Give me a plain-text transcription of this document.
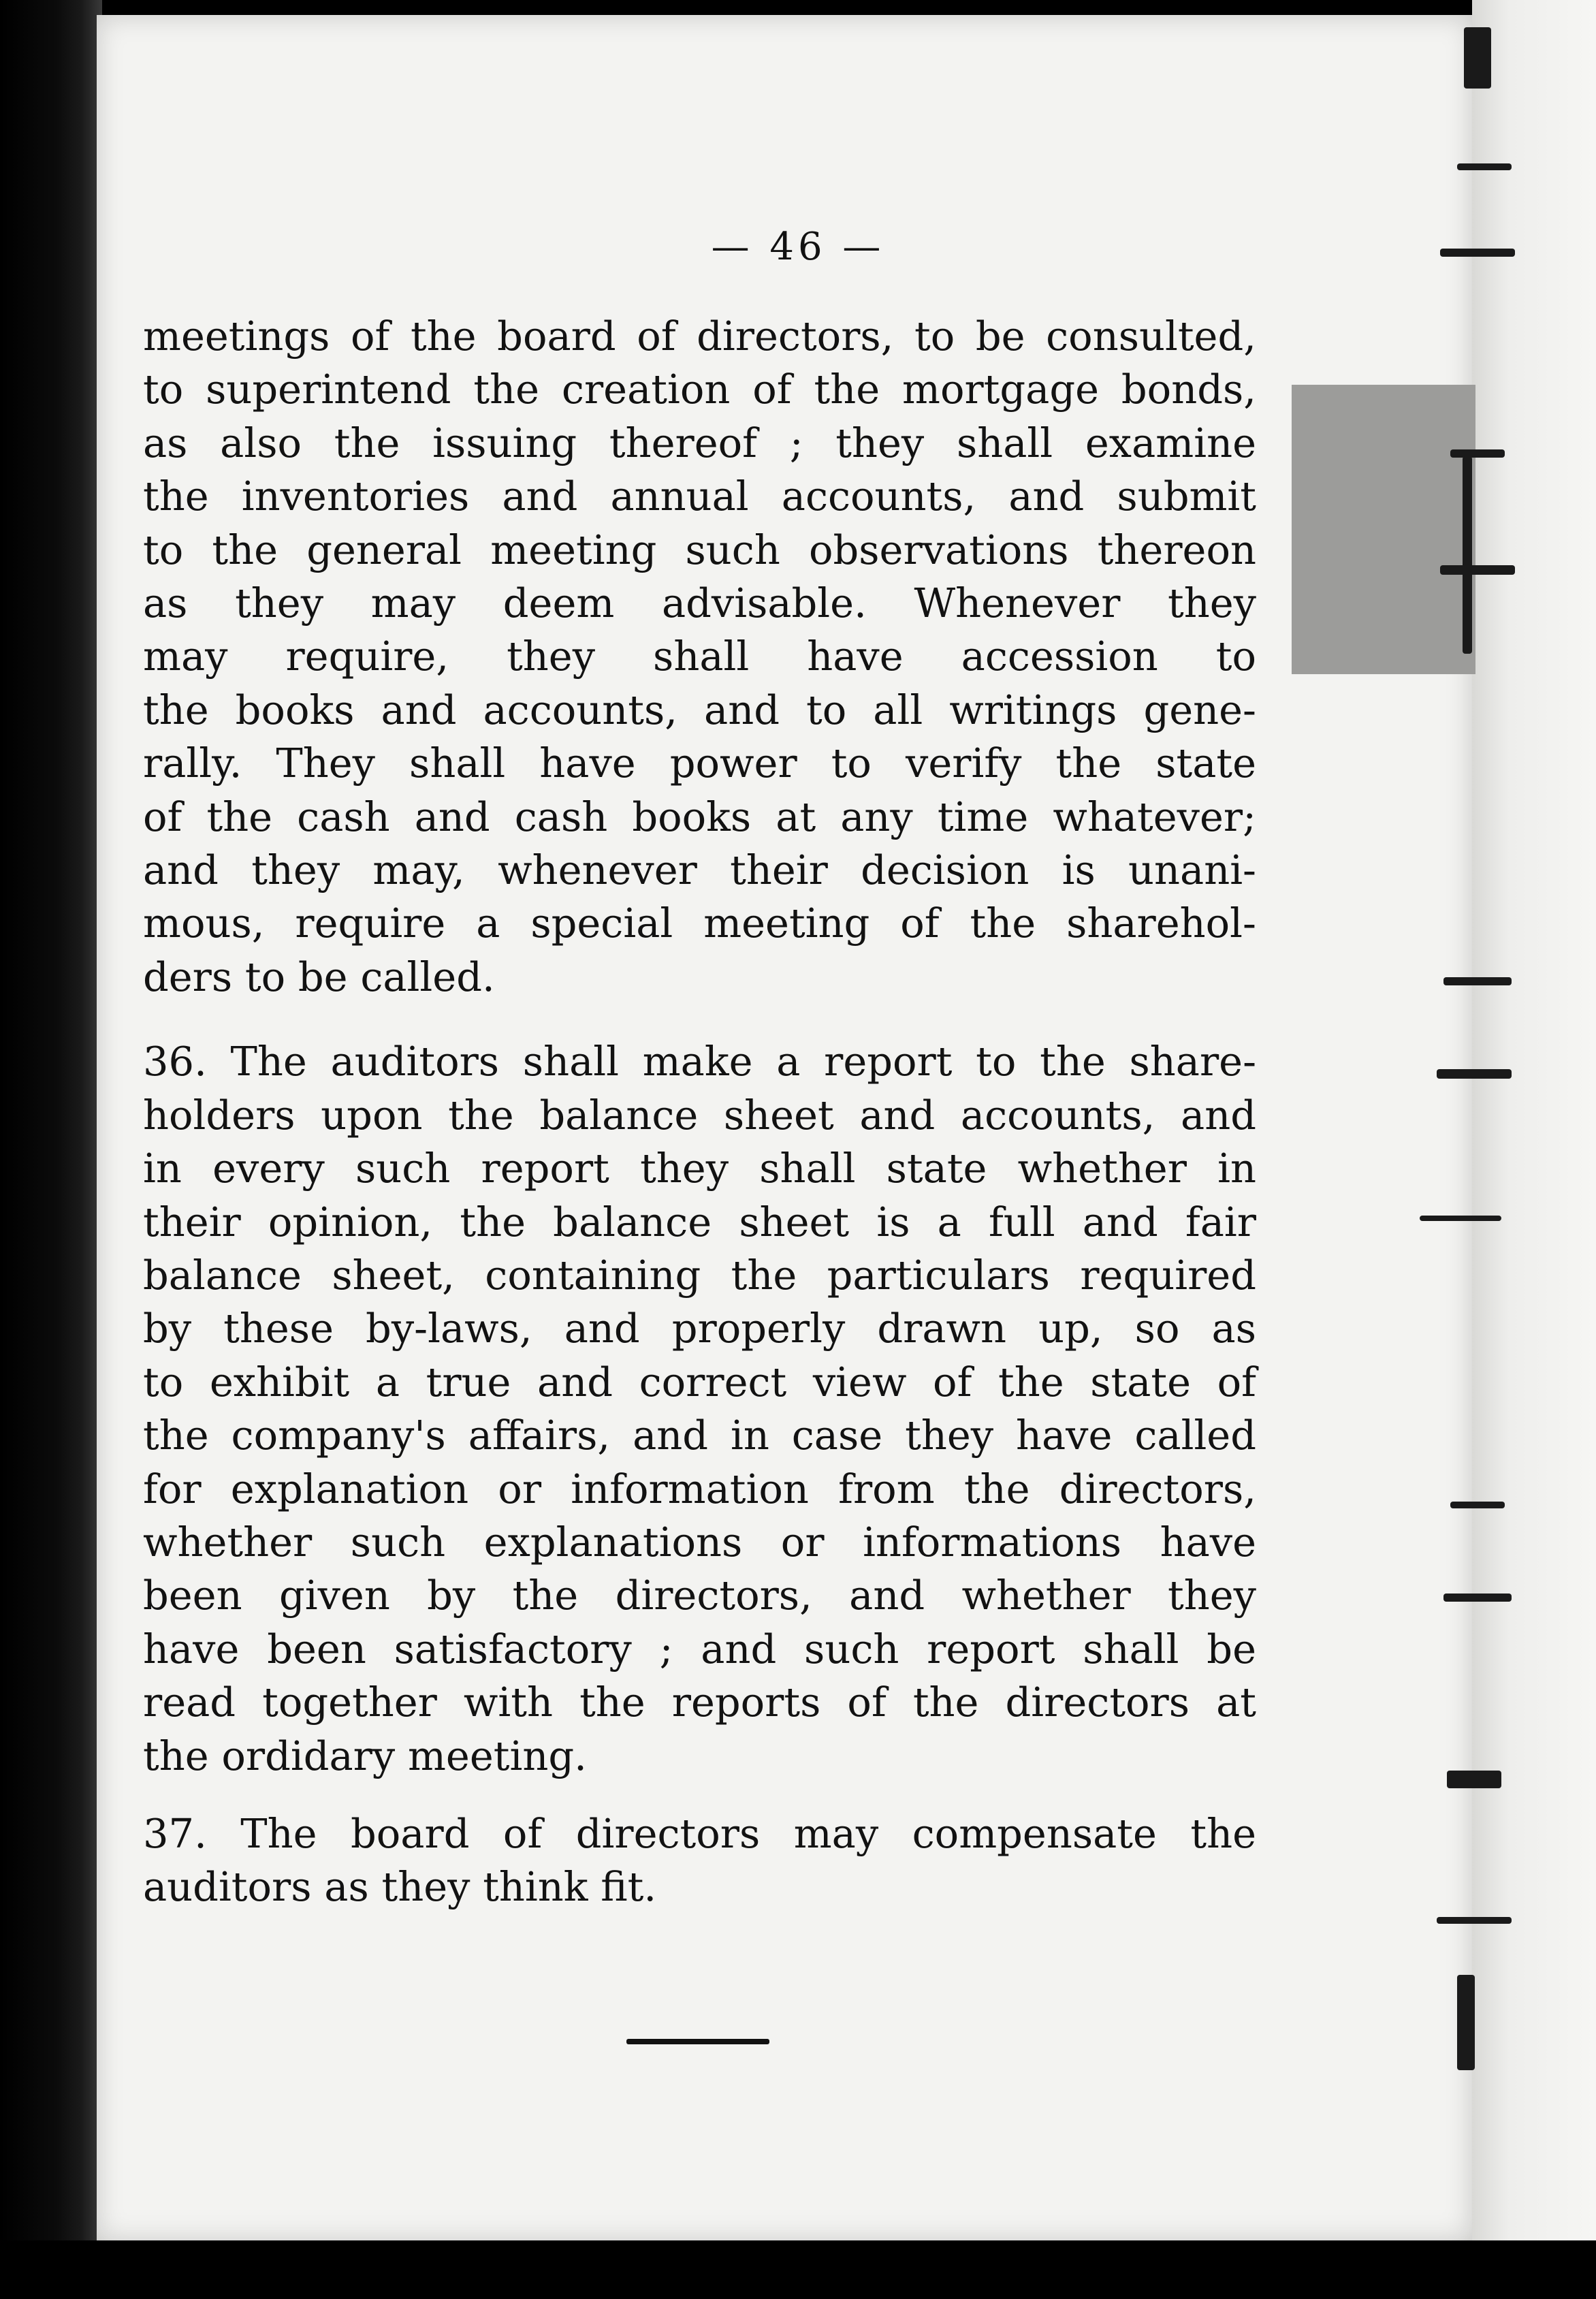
— 46 —
meetings of the board of directors, to be consulted,
to superintend the creation of the mortgage bonds,
as also the issuing thereof ; they shall examine
the inventories and annual accounts, and submit
to the general meeting such observations thereon
as they may deem advisable. Whenever they
may require, they shall have accession to
the books and accounts, and to all writings gene-
rally. They shall have power to verify the state
of the cash and cash books at any time whatever;
and they may, whenever their decision is unani-
mous, require a special meeting of the sharehol-
ders to be called.
36. The auditors shall make a report to the share-
holders upon the balance sheet and accounts, and
in every such report they shall state whether in
their opinion, the balance sheet is a full and fair
balance sheet, containing the particulars required
by these by-laws, and properly drawn up, so as
to exhibit a true and correct view of the state of
the company's affairs, and in case they have called
for explanation or information from the directors,
whether such explanations or informations have
been given by the directors, and whether they
have been satisfactory ; and such report shall be
read together with the reports of the directors at
the ordidary meeting.
37. The board of directors may compensate the
auditors as they think fit.
